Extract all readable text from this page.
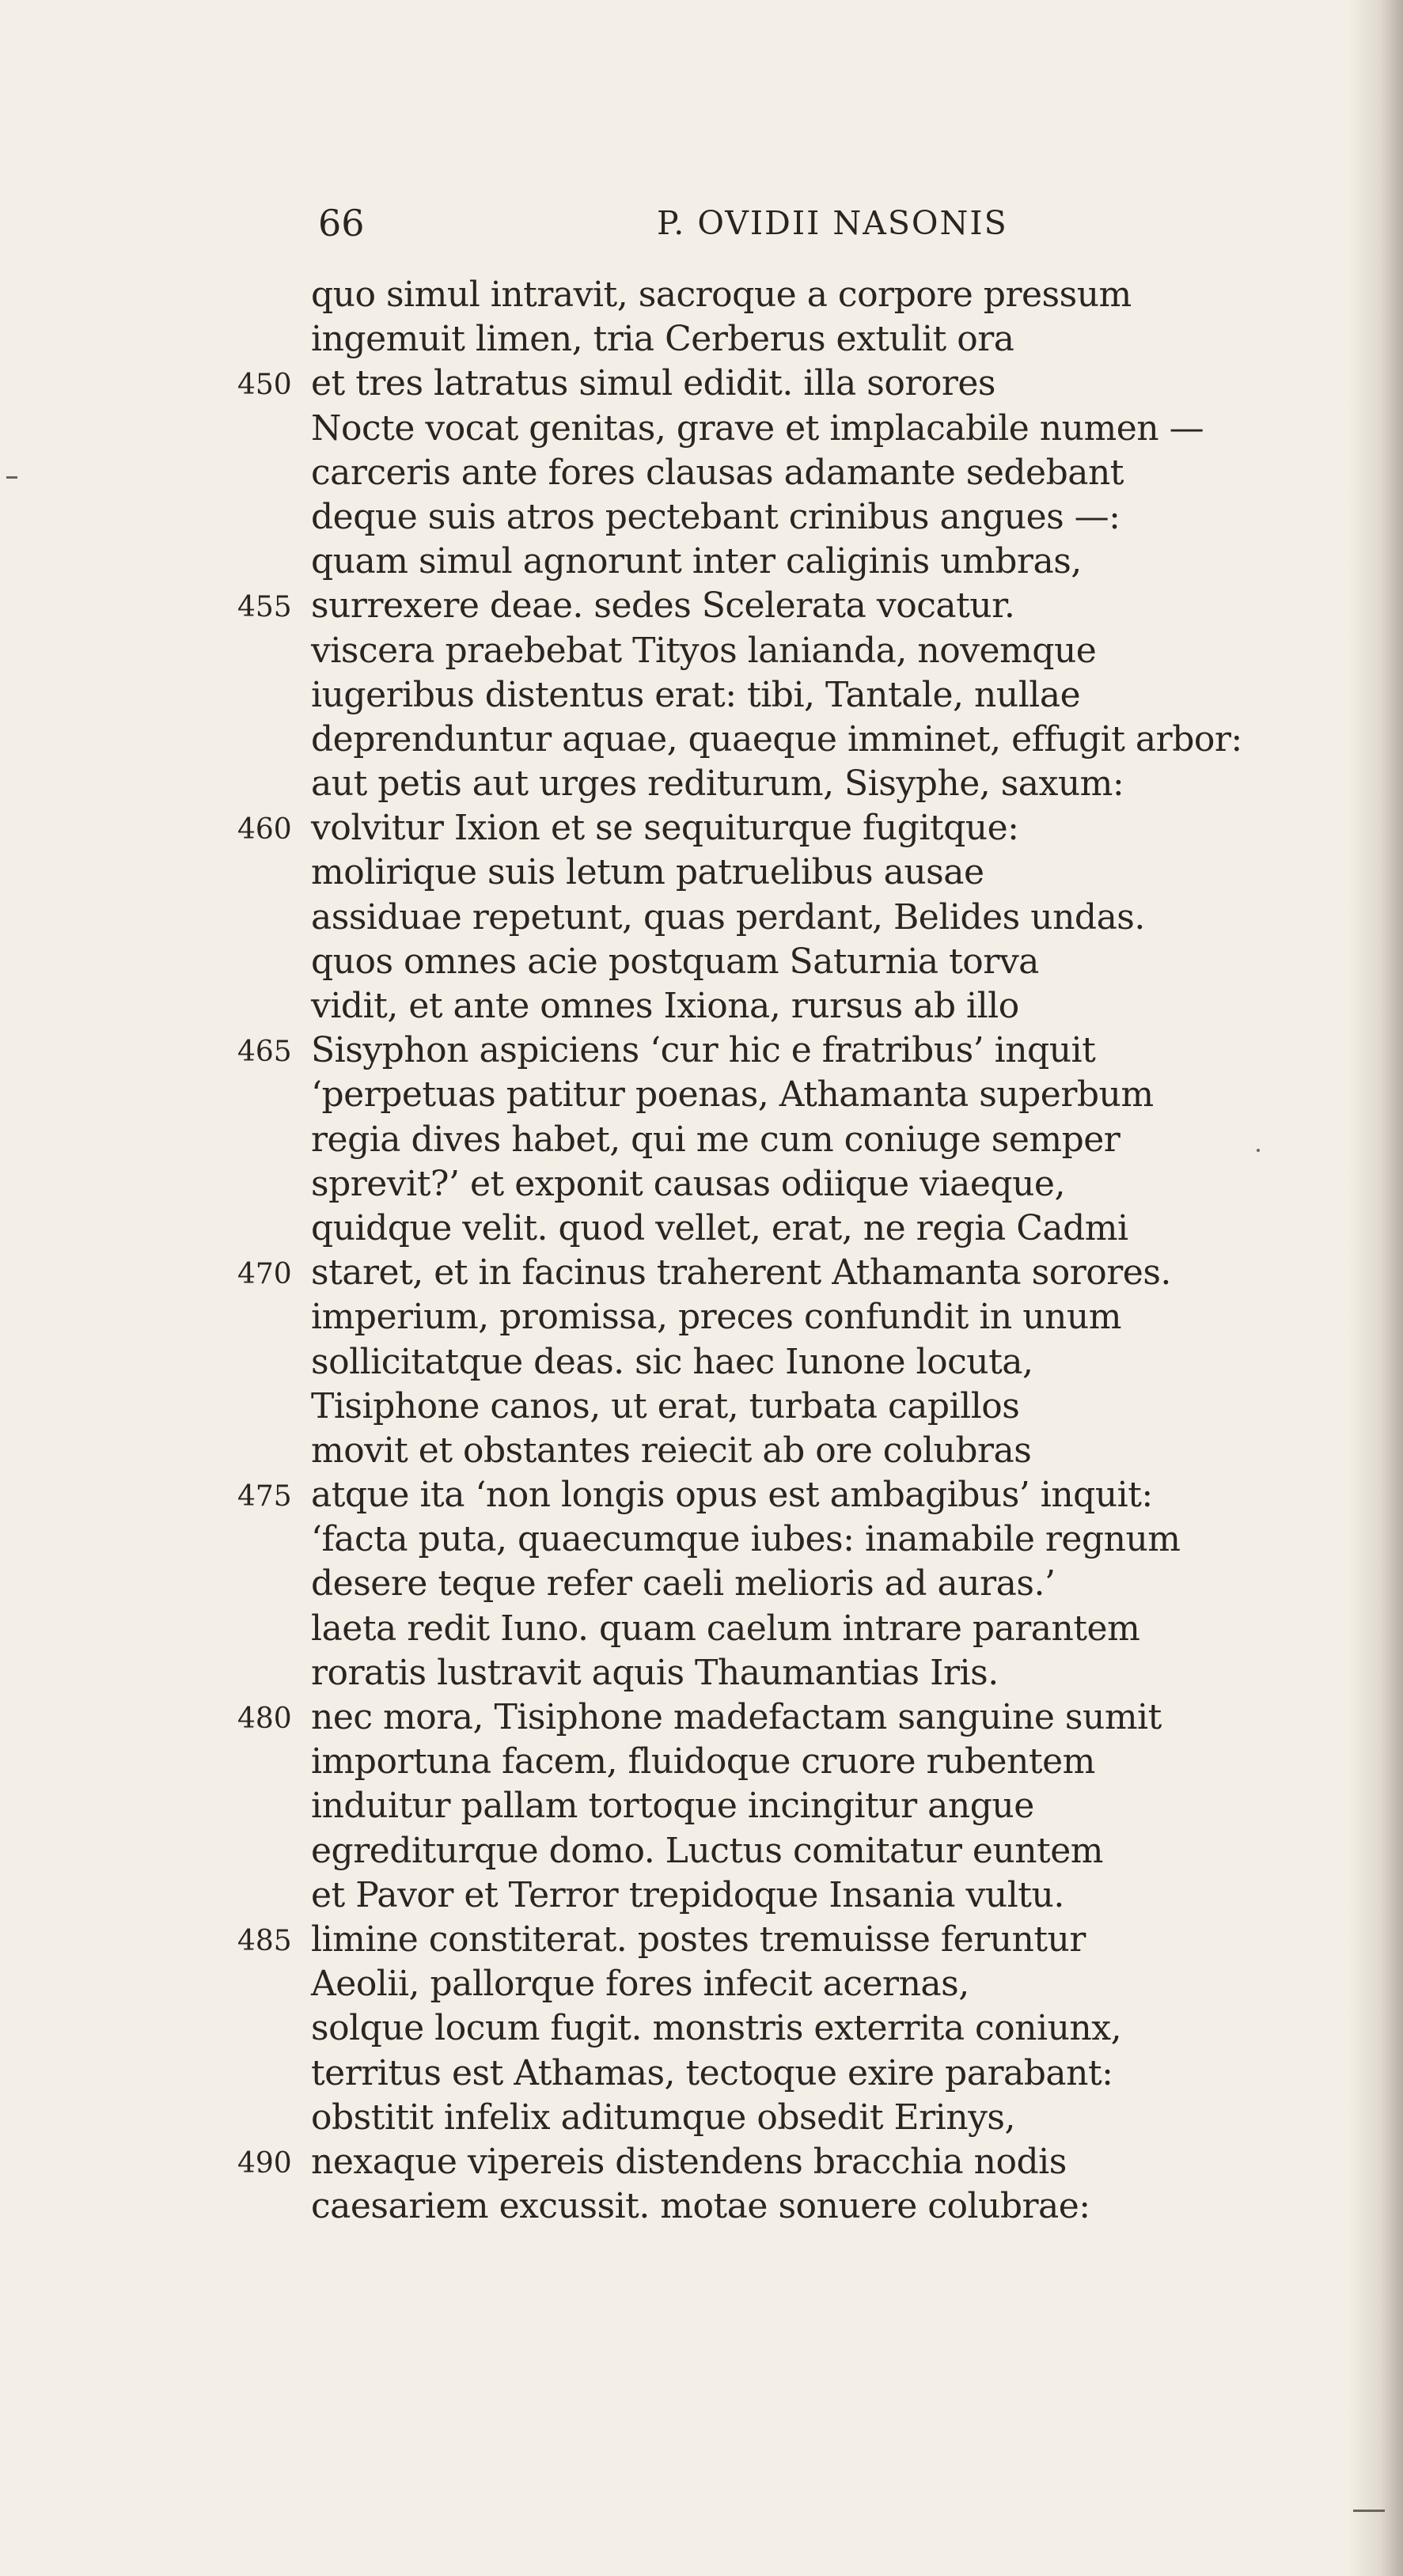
66	P. OVIDII NASONIS
quo simul intravit, sacroque a corpore pressum
ingemuit limen, tria Cerberus extulit ora
450 et tres latratus simul edidit. illa sorores
Nocte vocat genitas, grave et implacabile numen —
carceris ante fores clausas adamante sedebant
deque suis atros pectebant crinibus angues —:
quam simul agnorunt inter caliginis umbras,
455 surrexere deae. sedes Scelerata vocatur.
viscera praebebat Tityos lanianda, novemque
iugeribus distentus erat: tibi, Tantale, nullae
deprenduntur aquae, quaeque imminet, effugit arbor:
aut petis aut urges rediturum, Sisyphe, saxum:
460 volvitur Ixion et se sequiturque fugitque:
molirique suis letum patruelibus ausae
assiduae repetunt, quas perdant, Belides undas.
quos omnes acie postquam Saturnia torva
vidit, et ante omnes Ixiona, rursus ab illo
465 Sisyphon aspiciens ‘cur hic e fratribus’ inquit
‘perpetuas patitur poenas, Athamanta superbum
regia dives habet, qui me cum coniuge semper
sprevit?’ et exponit causas odiique viaeque,
quidque velit. quod vellet, erat, ne regia Cadmi
470 staret, et in facinus traherent Athamanta sorores.
imperium, promissa, preces confundit in unum
sollicitatque deas. sic haec Iunone locuta,
Tisiphone canos, ut erat, turbata capillos
movit et obstantes reiecit ab ore colubras
475 atque ita ‘non longis opus est ambagibus’ inquit:
‘facta puta, quaecumque iubes: inamabile regnum
desere teque refer caeli melioris ad auras.’
laeta redit Iuno. quam caelum intrare parantem
roratis lustravit aquis Thaumantias Iris.
480 nec mora, Tisiphone madefactam sanguine sumit
importuna facem, fluidoque cruore rubentem
induitur pallam tortoque incingitur angue
egrediturque domo. Luctus comitatur euntem
et Pavor et Terror trepidoque Insania vultu.
485 limine constiterat. postes tremuisse feruntur
Aeolii, pallorque fores infecit acernas,
solque locum fugit. monstris exterrita coniunx,
territus est Athamas, tectoque exire parabant:
obstitit infelix aditumque obsedit Erinys,
490 nexaque vipereis distendens bracchia nodis
caesariem excussit. motae sonuere colubrae:
